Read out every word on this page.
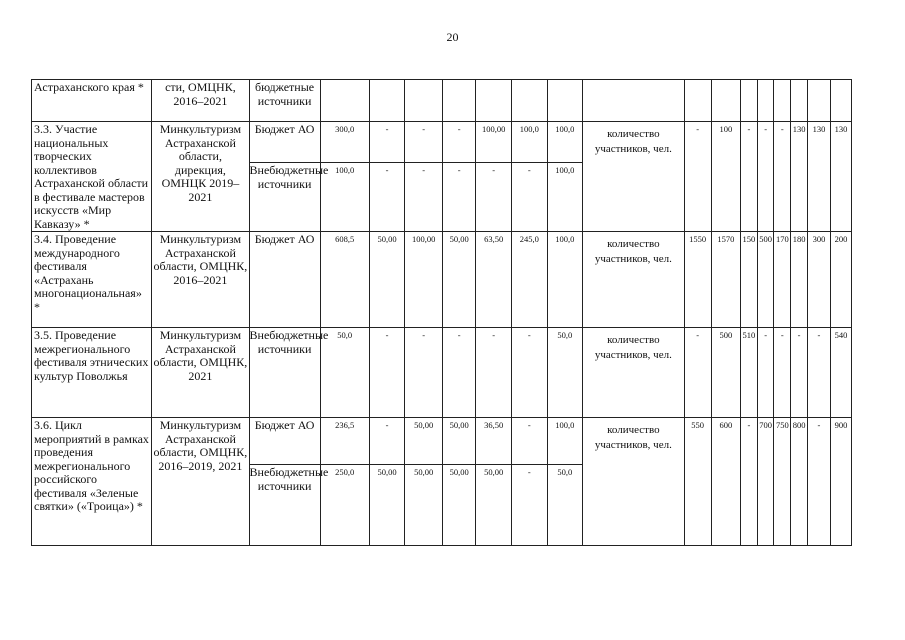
20
Астраханского края *	сти, ОМЦНК, 2016–2021	бюджетные источники																
3.3. Участие национальных творческих коллективов Астраханской области в фестивале мастеров искусств «Мир Кавказу» *	Минкультуризм Астраханской области, дирекция, ОМНЦК 2019–2021	Бюджет АО	300,0	-	-	-	100,00	100,0	100,0	количество участников, чел.	-	100	-	-	-	130	130	130
		Внебюджетные источники	100,0	-	-	-	-	-	100,0									
3.4. Проведение международного фестиваля «Астрахань многонациональная» *	Минкультуризм Астраханской области, ОМЦНК, 2016–2021	Бюджет АО	608,5	50,00	100,00	50,00	63,50	245,0	100,0	количество участников, чел.	1550	1570	150	500	170	180	300	200
3.5. Проведение межрегионального фестиваля этнических культур Поволжья	Минкультуризм Астраханской области, ОМЦНК, 2021	Внебюджетные источники	50,0	-	-	-	-	-	50,0	количество участников, чел.	-	500	510	-	-	-	-	540
3.6. Цикл мероприятий в рамках проведения межрегионального российского фестиваля «Зеленые святки» («Троица») *	Минкультуризм Астраханской области, ОМЦНК, 2016–2019, 2021	Бюджет АО	236,5	-	50,00	50,00	36,50	-	100,0	количество участников, чел.	550	600	-	700	750	800	-	900
		Внебюджетные источники	250,0	50,00	50,00	50,00	50,00	-	50,0									
